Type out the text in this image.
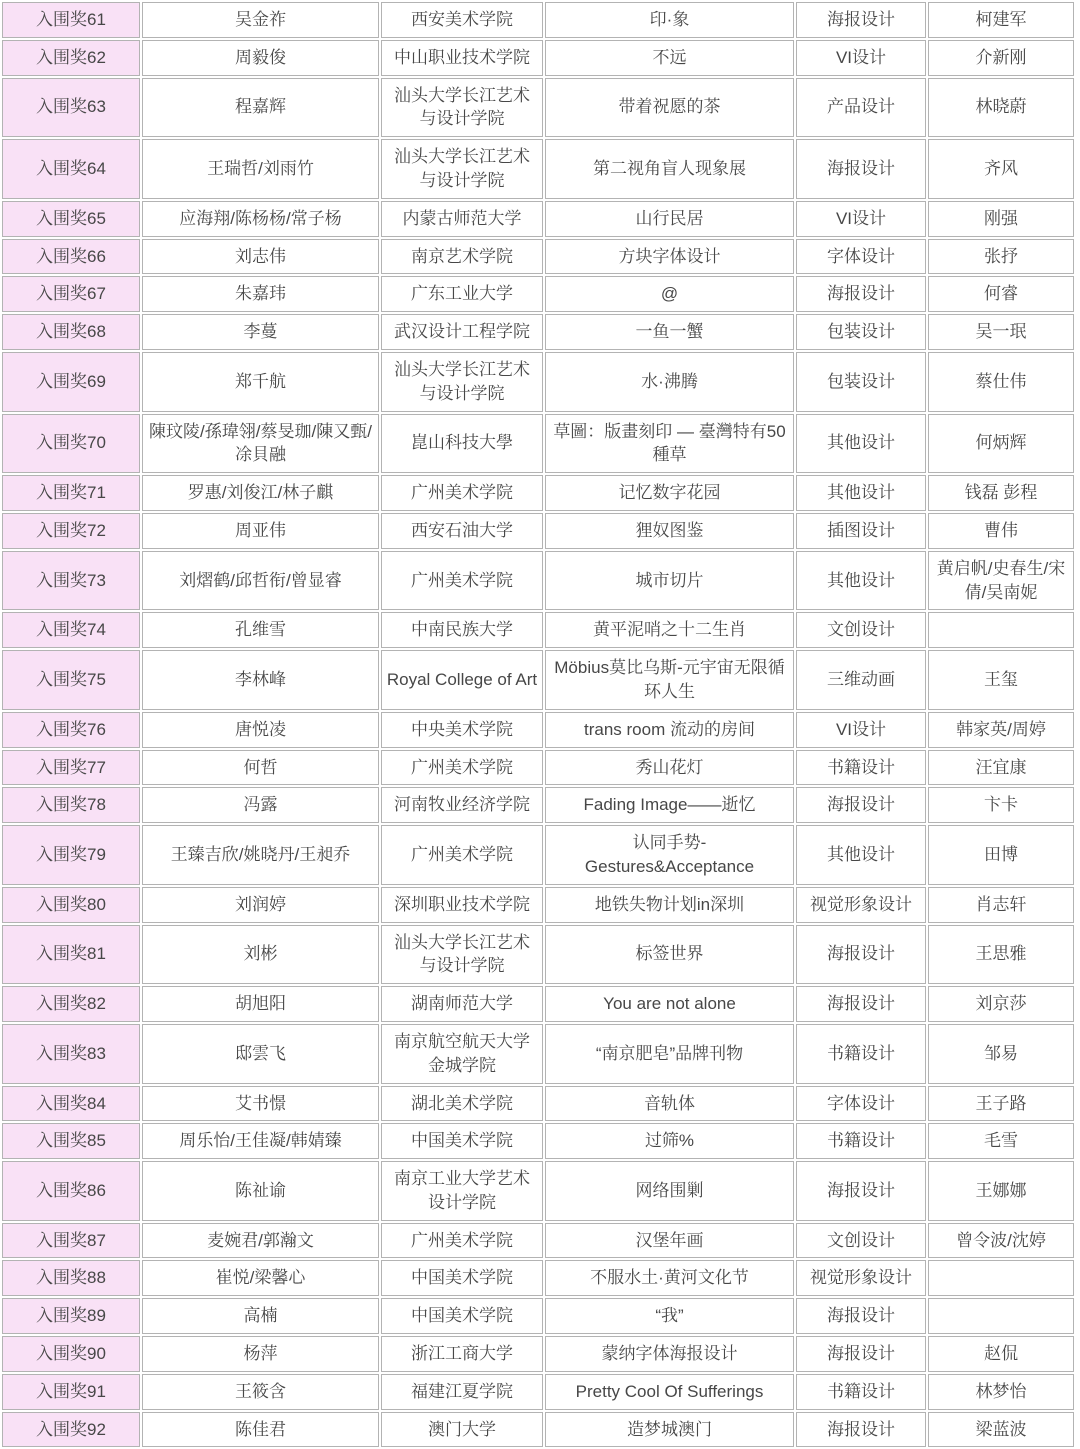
入围奖61	吴金祚	西安美术学院	印·象	海报设计	柯建军
入围奖62	周毅俊	中山职业技术学院	不远	VI设计	介新刚
入围奖63	程嘉辉	汕头大学长江艺术与设计学院	带着祝愿的茶	产品设计	林晓蔚
入围奖64	王瑞哲/刘雨竹	汕头大学长江艺术与设计学院	第二视角盲人现象展	海报设计	齐风
入围奖65	应海翔/陈杨杨/常子杨	内蒙古师范大学	山行民居	VI设计	刚强
入围奖66	刘志伟	南京艺术学院	方块字体设计	字体设计	张抒
入围奖67	朱嘉玮	广东工业大学	@	海报设计	何睿
入围奖68	李蔓	武汉设计工程学院	一鱼一蟹	包装设计	吴一珉
入围奖69	郑千航	汕头大学长江艺术与设计学院	水·沸腾	包装设计	蔡仕伟
入围奖70	陳玟陵/孫瑋翎/蔡旻珈/陳又甄/凃貝融	崑山科技大學	草圖：版畫刻印 — 臺灣特有50種草	其他设计	何炳辉
入围奖71	罗惠/刘俊江/林子麒	广州美术学院	记忆数字花园	其他设计	钱磊 彭程
入围奖72	周亚伟	西安石油大学	狸奴图鉴	插图设计	曹伟
入围奖73	刘熠鹤/邱哲衔/曾显睿	广州美术学院	城市切片	其他设计	黄启帆/史春生/宋倩/吴南妮
入围奖74	孔维雪	中南民族大学	黄平泥哨之十二生肖	文创设计	
入围奖75	李林峰	Royal College of Art	Möbius莫比乌斯-元宇宙无限循环人生	三维动画	王玺
入围奖76	唐悦凌	中央美术学院	trans room 流动的房间	VI设计	韩家英/周婷
入围奖77	何哲	广州美术学院	秀山花灯	书籍设计	汪宜康
入围奖78	冯露	河南牧业经济学院	Fading Image——逝忆	海报设计	卞卡
入围奖79	王臻吉欣/姚晓丹/王昶乔	广州美术学院	认同手势-Gestures&Acceptance	其他设计	田博
入围奖80	刘润婷	深圳职业技术学院	地铁失物计划in深圳	视觉形象设计	肖志轩
入围奖81	刘彬	汕头大学长江艺术与设计学院	标签世界	海报设计	王思雅
入围奖82	胡旭阳	湖南师范大学	You are not alone	海报设计	刘京莎
入围奖83	邸雲飞	南京航空航天大学金城学院	“南京肥皂”品牌刊物	书籍设计	邹易
入围奖84	艾书憬	湖北美术学院	音轨体	字体设计	王子路
入围奖85	周乐怡/王佳凝/韩婧臻	中国美术学院	过筛%	书籍设计	毛雪
入围奖86	陈祉谕	南京工业大学艺术设计学院	网络围剿	海报设计	王娜娜
入围奖87	麦婉君/郭瀚文	广州美术学院	汉堡年画	文创设计	曾令波/沈婷
入围奖88	崔悦/梁馨心	中国美术学院	不服水土·黄河文化节	视觉形象设计	
入围奖89	高楠	中国美术学院	“我”	海报设计	
入围奖90	杨萍	浙江工商大学	蒙纳字体海报设计	海报设计	赵侃
入围奖91	王筱含	福建江夏学院	Pretty Cool Of Sufferings	书籍设计	林梦怡
入围奖92	陈佳君	澳门大学	造梦城澳门	海报设计	梁蓝波
